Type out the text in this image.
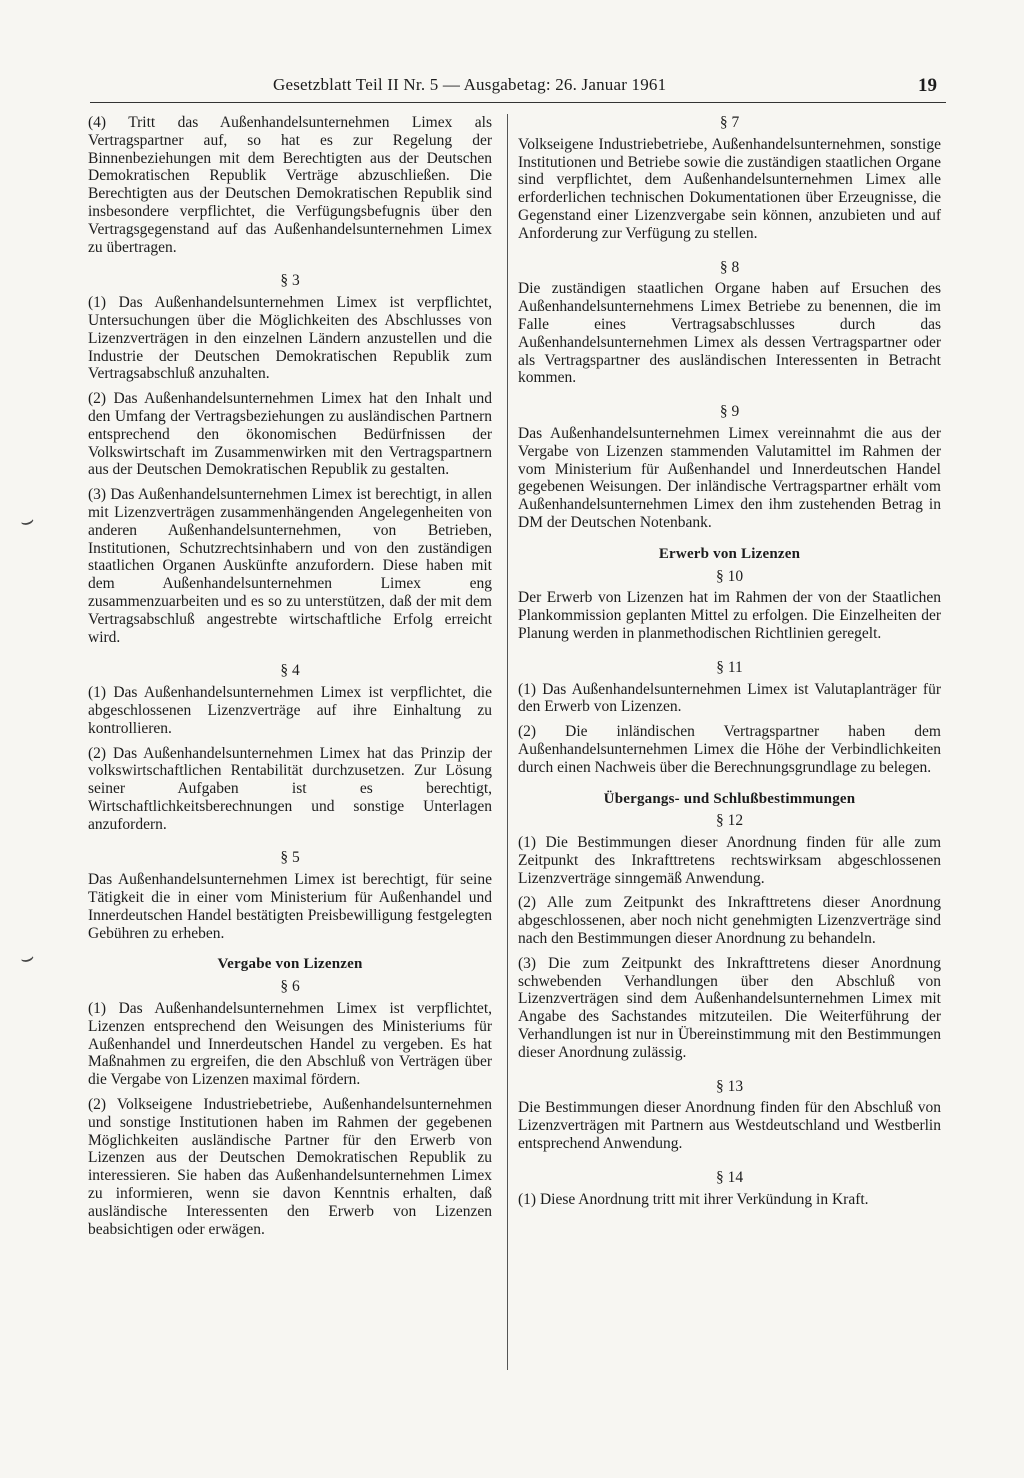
Gesetzblatt Teil II Nr. 5 — Ausgabetag: 26. Januar 1961	19

(4) Tritt das Außenhandelsunternehmen Limex als Vertragspartner auf, so hat es zur Regelung der Binnenbeziehungen mit dem Berechtigten aus der Deutschen Demokratischen Republik Verträge abzuschließen. Die Berechtigten aus der Deutschen Demokratischen Republik sind insbesondere verpflichtet, die Verfügungsbefugnis über den Vertragsgegenstand auf das Außenhandelsunternehmen Limex zu übertragen.

§ 3

(1) Das Außenhandelsunternehmen Limex ist verpflichtet, Untersuchungen über die Möglichkeiten des Abschlusses von Lizenzverträgen in den einzelnen Ländern anzustellen und die Industrie der Deutschen Demokratischen Republik zum Vertragsabschluß anzuhalten.

(2) Das Außenhandelsunternehmen Limex hat den Inhalt und den Umfang der Vertragsbeziehungen zu ausländischen Partnern entsprechend den ökonomischen Bedürfnissen der Volkswirtschaft im Zusammenwirken mit den Vertragspartnern aus der Deutschen Demokratischen Republik zu gestalten.

(3) Das Außenhandelsunternehmen Limex ist berechtigt, in allen mit Lizenzverträgen zusammenhängenden Angelegenheiten von anderen Außenhandelsunternehmen, von Betrieben, Institutionen, Schutzrechtsinhabern und von den zuständigen staatlichen Organen Auskünfte anzufordern. Diese haben mit dem Außenhandelsunternehmen Limex eng zusammenzuarbeiten und es so zu unterstützen, daß der mit dem Vertragsabschluß angestrebte wirtschaftliche Erfolg erreicht wird.

§ 4

(1) Das Außenhandelsunternehmen Limex ist verpflichtet, die abgeschlossenen Lizenzverträge auf ihre Einhaltung zu kontrollieren.

(2) Das Außenhandelsunternehmen Limex hat das Prinzip der volkswirtschaftlichen Rentabilität durchzusetzen. Zur Lösung seiner Aufgaben ist es berechtigt, Wirtschaftlichkeitsberechnungen und sonstige Unterlagen anzufordern.

§ 5

Das Außenhandelsunternehmen Limex ist berechtigt, für seine Tätigkeit die in einer vom Ministerium für Außenhandel und Innerdeutschen Handel bestätigten Preisbewilligung festgelegten Gebühren zu erheben.

Vergabe von Lizenzen
§ 6

(1) Das Außenhandelsunternehmen Limex ist verpflichtet, Lizenzen entsprechend den Weisungen des Ministeriums für Außenhandel und Innerdeutschen Handel zu vergeben. Es hat Maßnahmen zu ergreifen, die den Abschluß von Verträgen über die Vergabe von Lizenzen maximal fördern.

(2) Volkseigene Industriebetriebe, Außenhandelsunternehmen und sonstige Institutionen haben im Rahmen der gegebenen Möglichkeiten ausländische Partner für den Erwerb von Lizenzen aus der Deutschen Demokratischen Republik zu interessieren. Sie haben das Außenhandelsunternehmen Limex zu informieren, wenn sie davon Kenntnis erhalten, daß ausländische Interessenten den Erwerb von Lizenzen beabsichtigen oder erwägen.

§ 7

Volkseigene Industriebetriebe, Außenhandelsunternehmen, sonstige Institutionen und Betriebe sowie die zuständigen staatlichen Organe sind verpflichtet, dem Außenhandelsunternehmen Limex alle erforderlichen technischen Dokumentationen über Erzeugnisse, die Gegenstand einer Lizenzvergabe sein können, anzubieten und auf Anforderung zur Verfügung zu stellen.

§ 8

Die zuständigen staatlichen Organe haben auf Ersuchen des Außenhandelsunternehmens Limex Betriebe zu benennen, die im Falle eines Vertragsabschlusses durch das Außenhandelsunternehmen Limex als dessen Vertragspartner oder als Vertragspartner des ausländischen Interessenten in Betracht kommen.

§ 9

Das Außenhandelsunternehmen Limex vereinnahmt die aus der Vergabe von Lizenzen stammenden Valutamittel im Rahmen der vom Ministerium für Außenhandel und Innerdeutschen Handel gegebenen Weisungen. Der inländische Vertragspartner erhält vom Außenhandelsunternehmen Limex den ihm zustehenden Betrag in DM der Deutschen Notenbank.

Erwerb von Lizenzen
§ 10

Der Erwerb von Lizenzen hat im Rahmen der von der Staatlichen Plankommission geplanten Mittel zu erfolgen. Die Einzelheiten der Planung werden in planmethodischen Richtlinien geregelt.

§ 11

(1) Das Außenhandelsunternehmen Limex ist Valutaplanträger für den Erwerb von Lizenzen.

(2) Die inländischen Vertragspartner haben dem Außenhandelsunternehmen Limex die Höhe der Verbindlichkeiten durch einen Nachweis über die Berechnungsgrundlage zu belegen.

Übergangs- und Schlußbestimmungen
§ 12

(1) Die Bestimmungen dieser Anordnung finden für alle zum Zeitpunkt des Inkrafttretens rechtswirksam abgeschlossenen Lizenzverträge sinngemäß Anwendung.

(2) Alle zum Zeitpunkt des Inkrafttretens dieser Anordnung abgeschlossenen, aber noch nicht genehmigten Lizenzverträge sind nach den Bestimmungen dieser Anordnung zu behandeln.

(3) Die zum Zeitpunkt des Inkrafttretens dieser Anordnung schwebenden Verhandlungen über den Abschluß von Lizenzverträgen sind dem Außenhandelsunternehmen Limex mit Angabe des Sachstandes mitzuteilen. Die Weiterführung der Verhandlungen ist nur in Übereinstimmung mit den Bestimmungen dieser Anordnung zulässig.

§ 13

Die Bestimmungen dieser Anordnung finden für den Abschluß von Lizenzverträgen mit Partnern aus Westdeutschland und Westberlin entsprechend Anwendung.

§ 14

(1) Diese Anordnung tritt mit ihrer Verkündung in Kraft.

⌣
⌣
